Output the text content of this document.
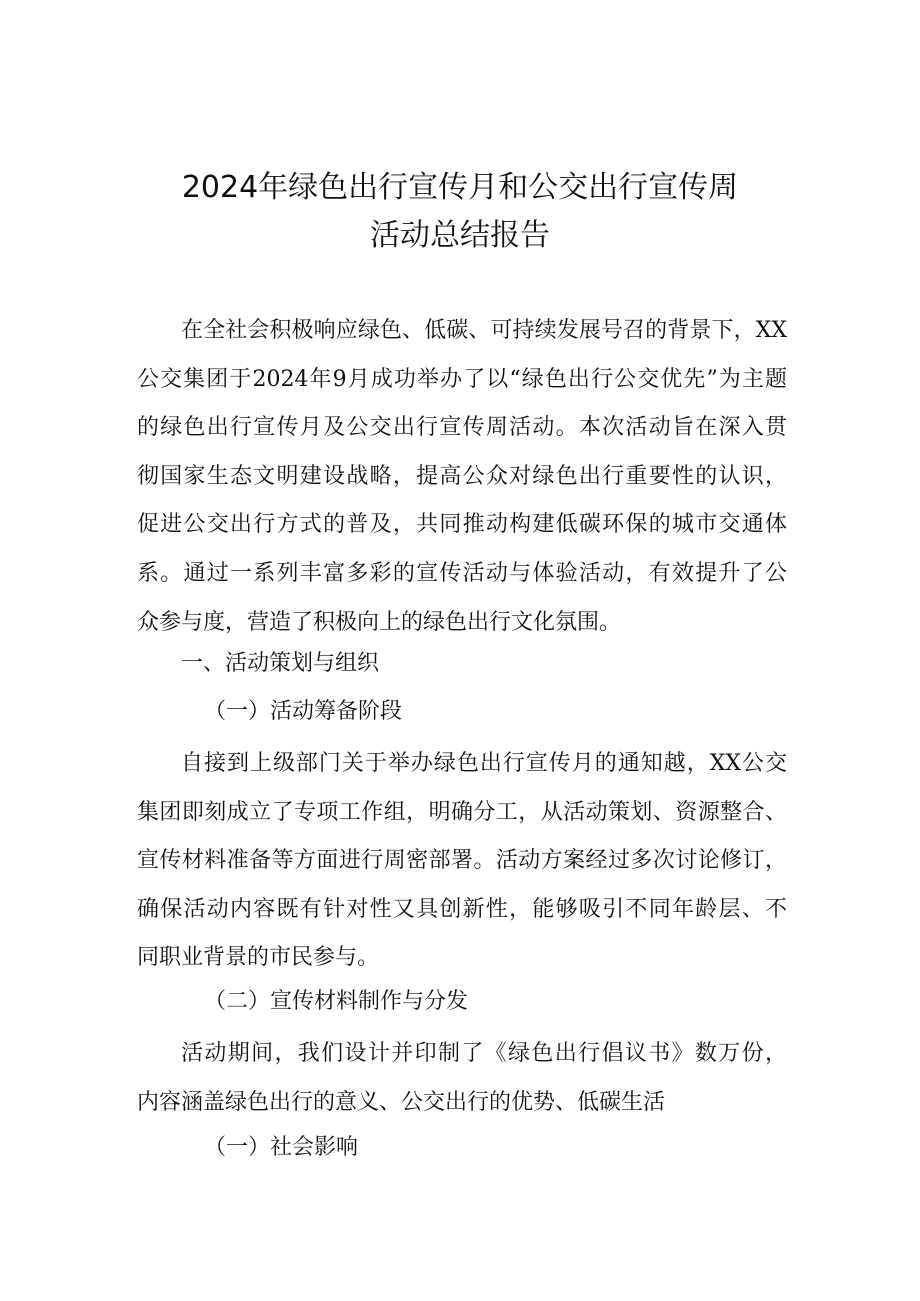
2024年绿色出行宣传月和公交出行宣传周
活动总结报告
在全社会积极响应绿色、低碳、可持续发展号召的背景下，XX
公交集团于2024年9月成功举办了以“绿色出行公交优先”为主题
的绿色出行宣传月及公交出行宣传周活动。本次活动旨在深入贯
彻国家生态文明建设战略，提高公众对绿色出行重要性的认识，
促进公交出行方式的普及，共同推动构建低碳环保的城市交通体
系。通过一系列丰富多彩的宣传活动与体验活动，有效提升了公
众参与度，营造了积极向上的绿色出行文化氛围。
一、活动策划与组织
（一）活动筹备阶段
自接到上级部门关于举办绿色出行宣传月的通知越，XX公交
集团即刻成立了专项工作组，明确分工，从活动策划、资源整合、
宣传材料准备等方面进行周密部署。活动方案经过多次讨论修订，
确保活动内容既有针对性又具创新性，能够吸引不同年龄层、不
同职业背景的市民参与。
（二）宣传材料制作与分发
活动期间，我们设计并印制了《绿色出行倡议书》数万份，
内容涵盖绿色出行的意义、公交出行的优势、低碳生活
（一）社会影响
